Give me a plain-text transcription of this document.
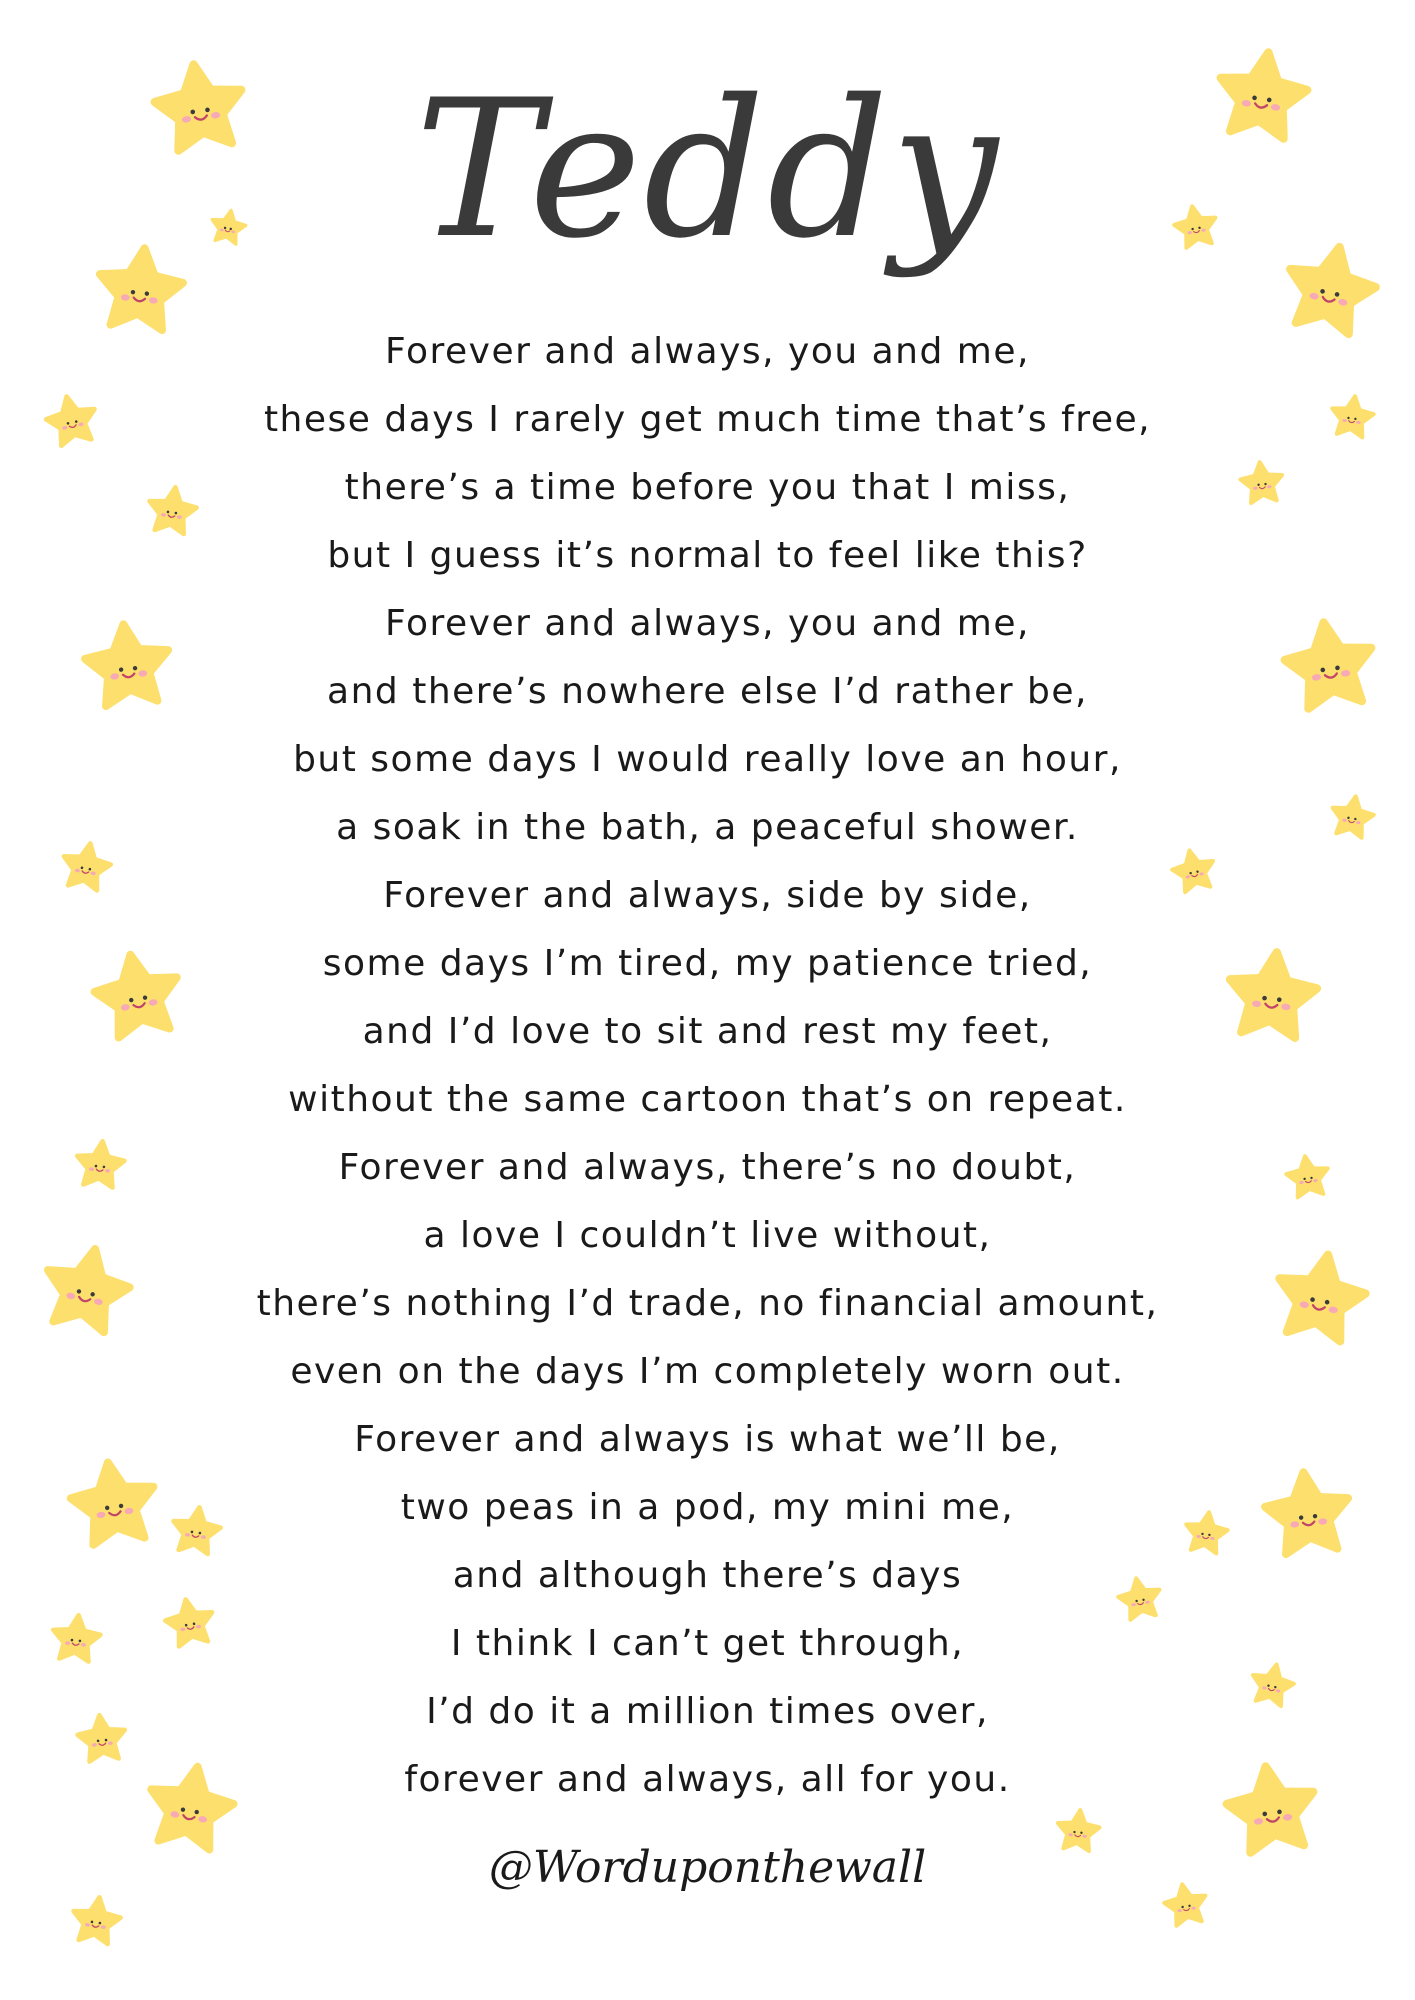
Teddy
Forever and always, you and me,
these days I rarely get much time that’s free,
there’s a time before you that I miss,
but I guess it’s normal to feel like this?
Forever and always, you and me,
and there’s nowhere else I’d rather be,
but some days I would really love an hour,
a soak in the bath, a peaceful shower.
Forever and always, side by side,
some days I’m tired, my patience tried,
and I’d love to sit and rest my feet,
without the same cartoon that’s on repeat.
Forever and always, there’s no doubt,
a love I couldn’t live without,
there’s nothing I’d trade, no financial amount,
even on the days I’m completely worn out.
Forever and always is what we’ll be,
two peas in a pod, my mini me,
and although there’s days
I think I can’t get through,
I’d do it a million times over,
forever and always, all for you.
@Worduponthewall
